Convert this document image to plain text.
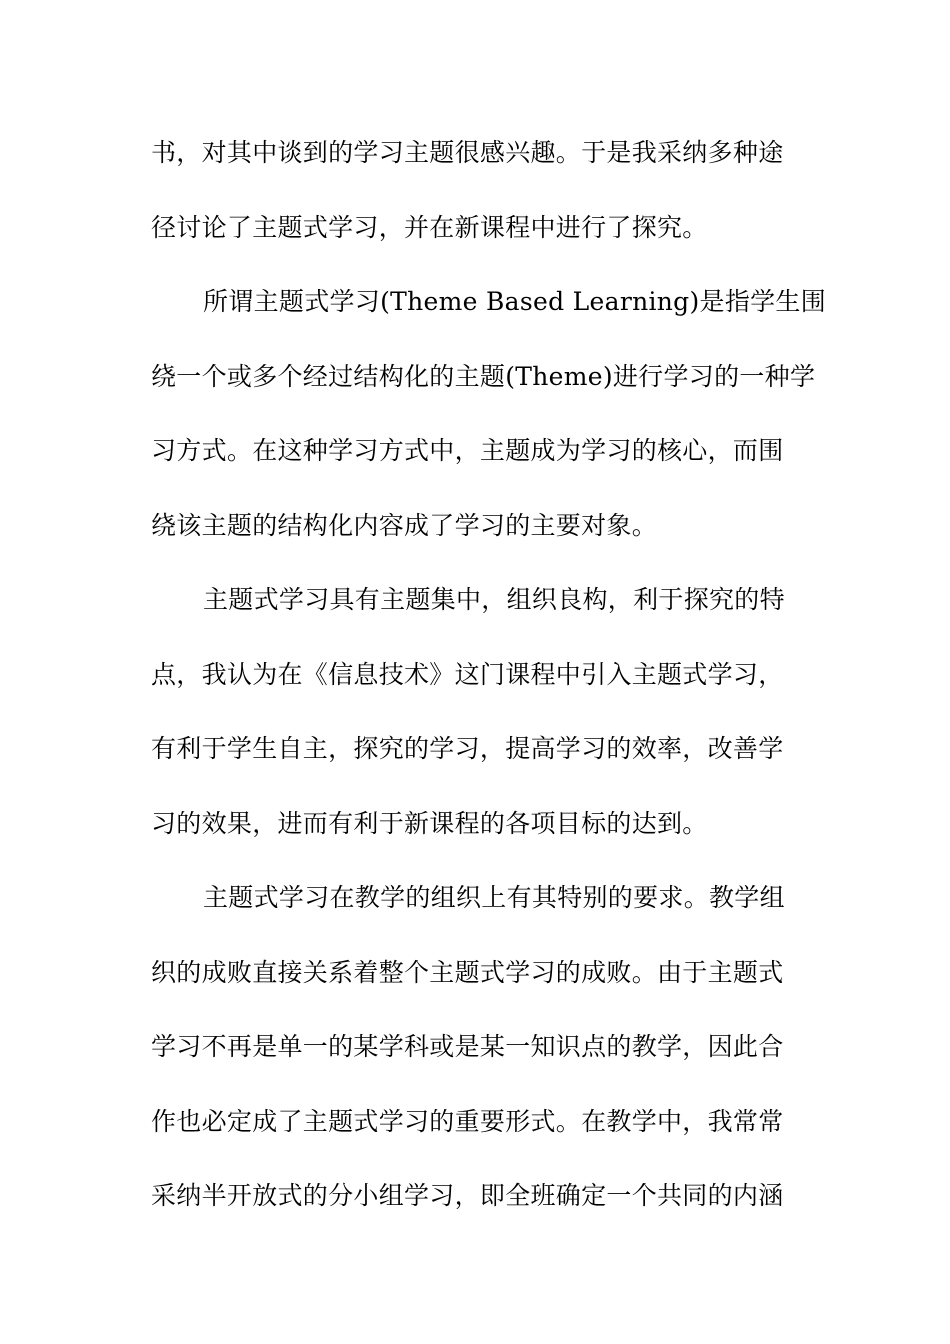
书，对其中谈到的学习主题很感兴趣。于是我采纳多种途
径讨论了主题式学习，并在新课程中进行了探究。
所谓主题式学习(Theme Based Learning)是指学生围
绕一个或多个经过结构化的主题(Theme)进行学习的一种学
习方式。在这种学习方式中，主题成为学习的核心，而围
绕该主题的结构化内容成了学习的主要对象。
主题式学习具有主题集中，组织良构，利于探究的特
点，我认为在《信息技术》这门课程中引入主题式学习，
有利于学生自主，探究的学习，提高学习的效率，改善学
习的效果，进而有利于新课程的各项目标的达到。
主题式学习在教学的组织上有其特别的要求。教学组
织的成败直接关系着整个主题式学习的成败。由于主题式
学习不再是单一的某学科或是某一知识点的教学，因此合
作也必定成了主题式学习的重要形式。在教学中，我常常
采纳半开放式的分小组学习，即全班确定一个共同的内涵
